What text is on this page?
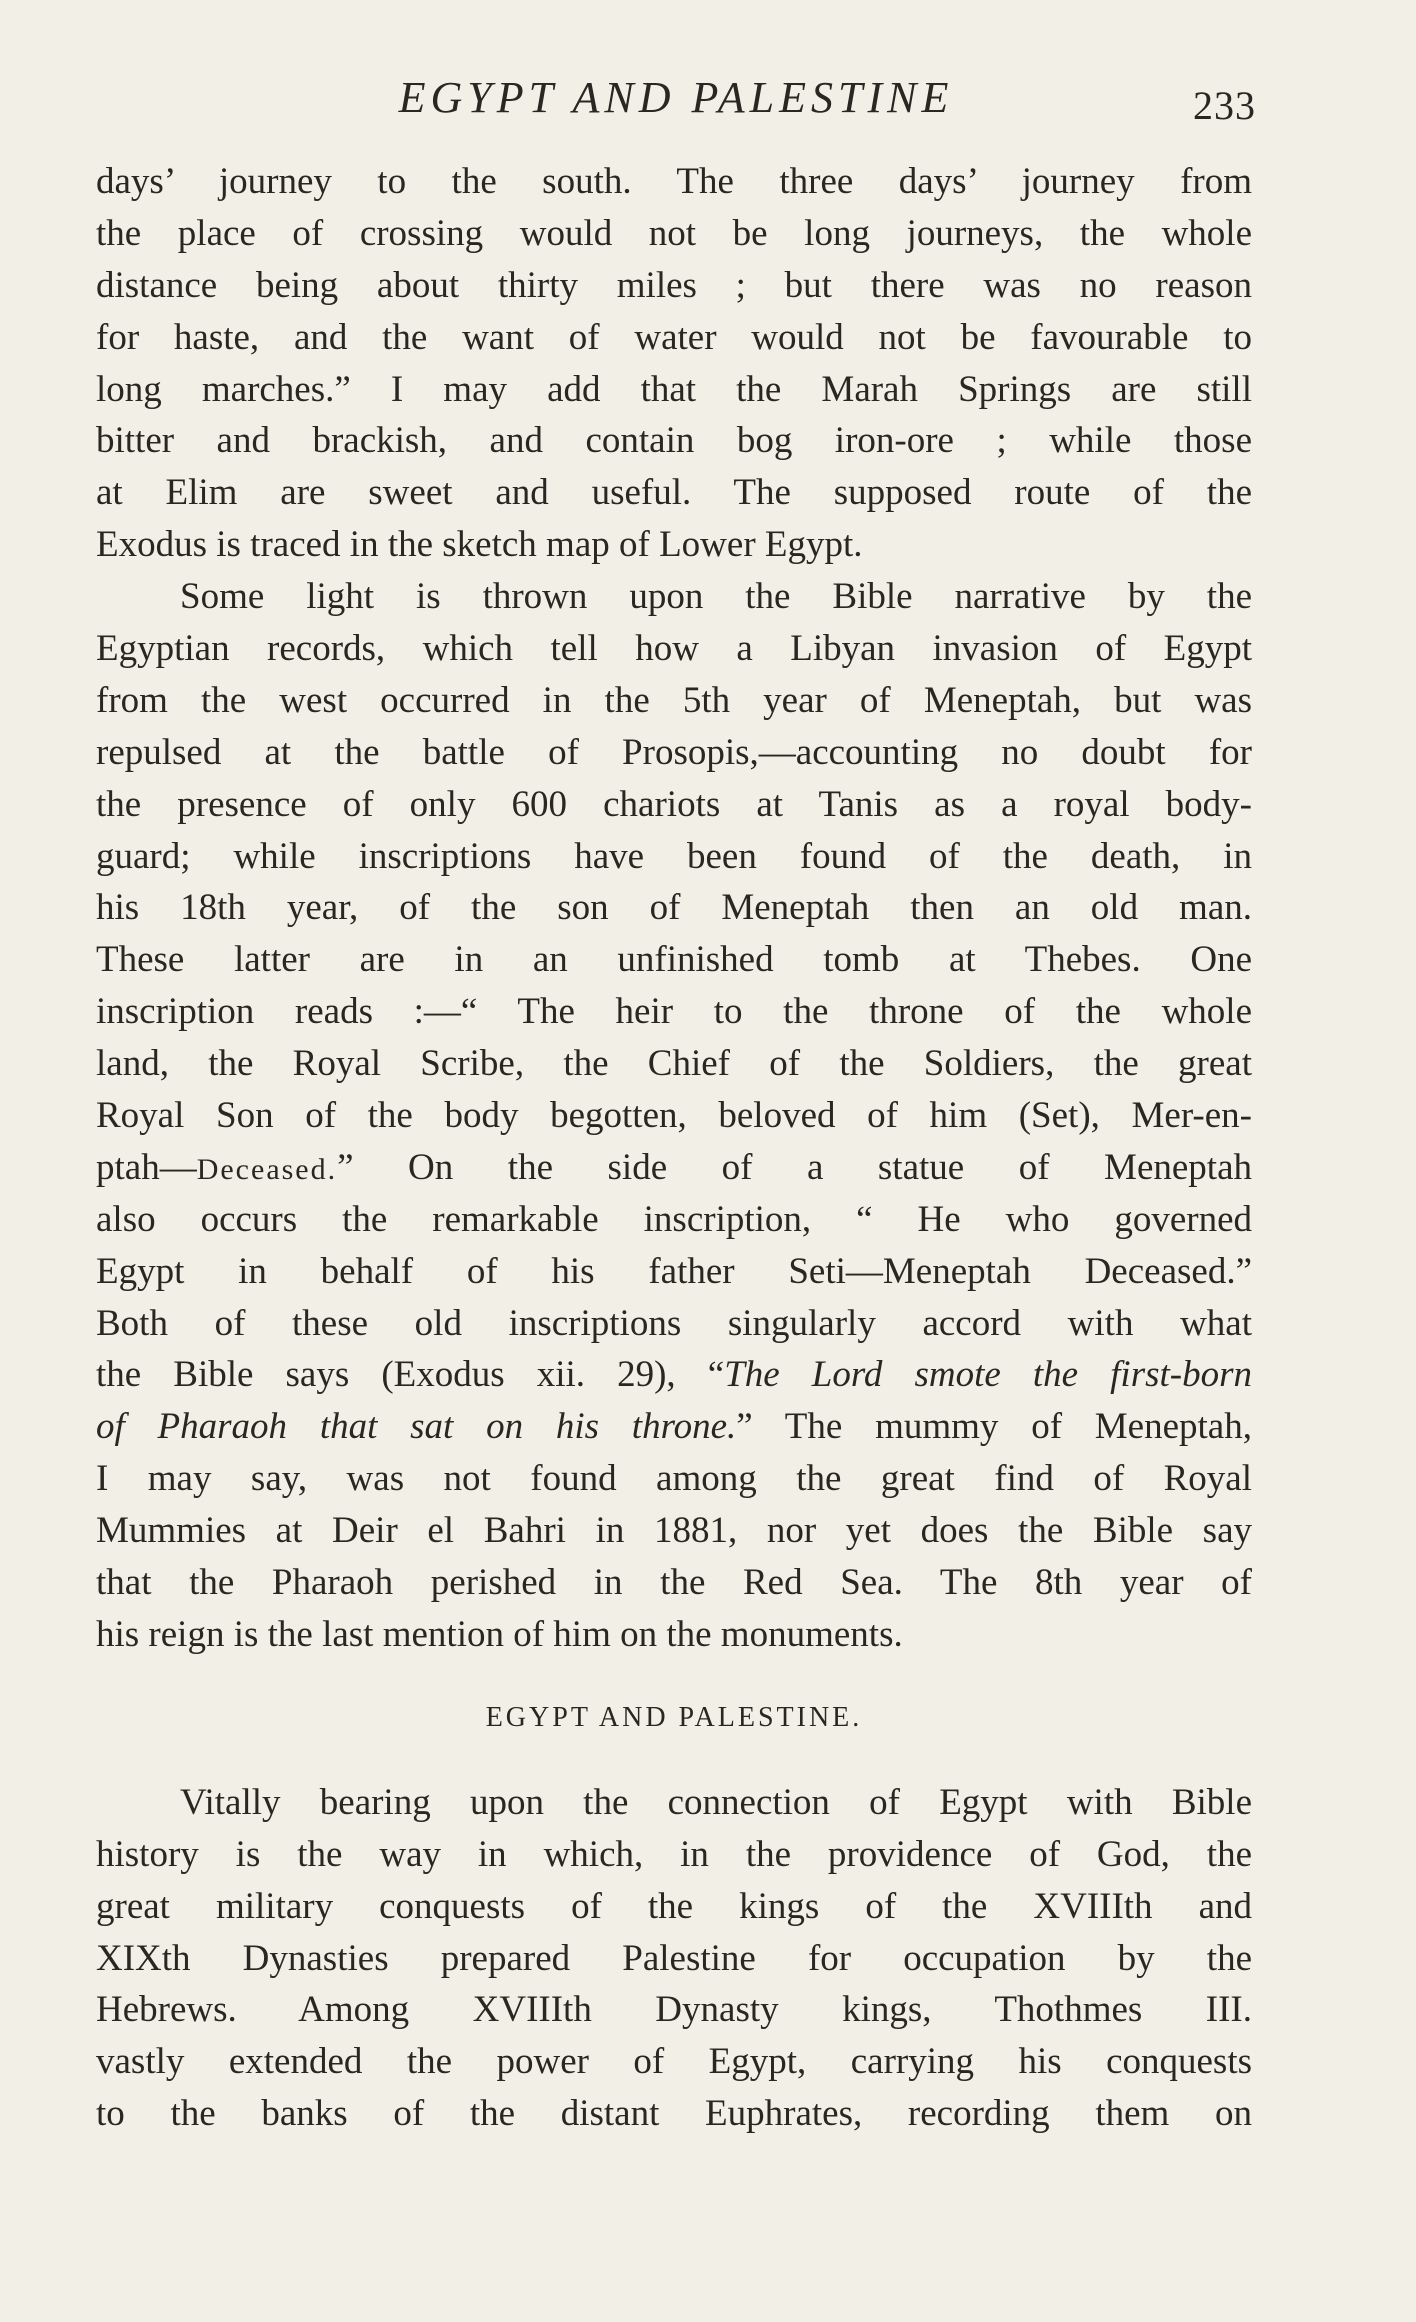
EGYPT AND PALESTINE	233
days’ journey to the south. The three days’ journey from
the place of crossing would not be long journeys, the whole
distance being about thirty miles ; but there was no reason
for haste, and the want of water would not be favourable to
long marches.” I may add that the Marah Springs are still
bitter and brackish, and contain bog iron-ore ; while those
at Elim are sweet and useful. The supposed route of the
Exodus is traced in the sketch map of Lower Egypt.
Some light is thrown upon the Bible narrative by the
Egyptian records, which tell how a Libyan invasion of Egypt
from the west occurred in the 5th year of Meneptah, but was
repulsed at the battle of Prosopis,—accounting no doubt for
the presence of only 600 chariots at Tanis as a royal body-
guard; while inscriptions have been found of the death, in
his 18th year, of the son of Meneptah then an old man.
These latter are in an unfinished tomb at Thebes. One
inscription reads :—“ The heir to the throne of the whole
land, the Royal Scribe, the Chief of the Soldiers, the great
Royal Son of the body begotten, beloved of him (Set), Mer-en-
ptah—Deceased.” On the side of a statue of Meneptah
also occurs the remarkable inscription, “ He who governed
Egypt in behalf of his father Seti—Meneptah Deceased.”
Both of these old inscriptions singularly accord with what
the Bible says (Exodus xii. 29), “The Lord smote the first-born
of Pharaoh that sat on his throne.” The mummy of Meneptah,
I may say, was not found among the great find of Royal
Mummies at Deir el Bahri in 1881, nor yet does the Bible say
that the Pharaoh perished in the Red Sea. The 8th year of
his reign is the last mention of him on the monuments.
EGYPT AND PALESTINE.
Vitally bearing upon the connection of Egypt with Bible
history is the way in which, in the providence of God, the
great military conquests of the kings of the XVIIIth and
XIXth Dynasties prepared Palestine for occupation by the
Hebrews. Among XVIIIth Dynasty kings, Thothmes III.
vastly extended the power of Egypt, carrying his conquests
to the banks of the distant Euphrates, recording them on
